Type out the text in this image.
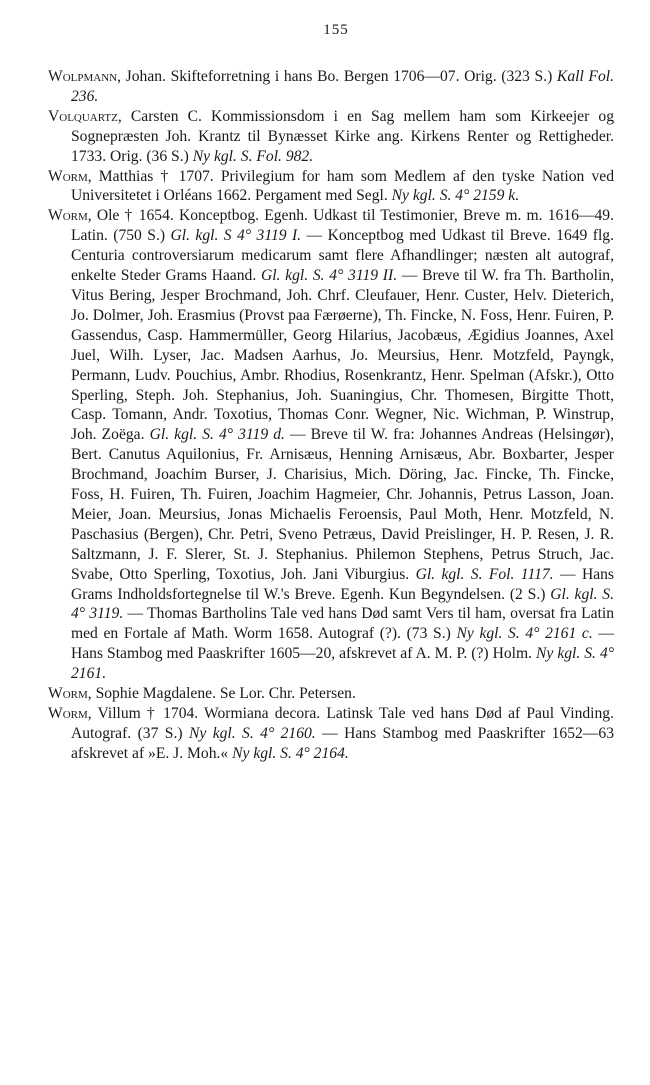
155

Wolpmann, Johan. Skifteforretning i hans Bo. Bergen 1706—07. Orig. (323 S.) Kall Fol. 236.

Volquartz, Carsten C. Kommissionsdom i en Sag mellem ham som Kirkeejer og Sognepræsten Joh. Krantz til Bynæsset Kirke ang. Kirkens Renter og Rettigheder. 1733. Orig. (36 S.) Ny kgl. S. Fol. 982.

Worm, Matthias † 1707. Privilegium for ham som Medlem af den tyske Nation ved Universitetet i Orléans 1662. Pergament med Segl. Ny kgl. S. 4° 2159 k.

Worm, Ole † 1654. Konceptbog. Egenh. Udkast til Testimonier, Breve m. m. 1616—49. Latin. (750 S.) Gl. kgl. S 4° 3119 I. — Konceptbog med Udkast til Breve. 1649 flg. Centuria controversiarum medicarum samt flere Afhandlinger; næsten alt autograf, enkelte Steder Grams Haand. Gl. kgl. S. 4° 3119 II. — Breve til W. fra Th. Bartholin, Vitus Bering, Jesper Brochmand, Joh. Chrf. Cleufauer, Henr. Custer, Helv. Dieterich, Jo. Dolmer, Joh. Erasmius (Provst paa Færøerne), Th. Fincke, N. Foss, Henr. Fuiren, P. Gassendus, Casp. Hammermüller, Georg Hilarius, Jacobæus, Ægidius Joannes, Axel Juel, Wilh. Lyser, Jac. Madsen Aarhus, Jo. Meursius, Henr. Motzfeld, Payngk, Permann, Ludv. Pouchius, Ambr. Rhodius, Rosenkrantz, Henr. Spelman (Afskr.), Otto Sperling, Steph. Joh. Stephanius, Joh. Suaningius, Chr. Thomesen, Birgitte Thott, Casp. Tomann, Andr. Toxotius, Thomas Conr. Wegner, Nic. Wichman, P. Winstrup, Joh. Zoëga. Gl. kgl. S. 4° 3119 d. — Breve til W. fra: Johannes Andreas (Helsingør), Bert. Canutus Aquilonius, Fr. Arnisæus, Henning Arnisæus, Abr. Boxbarter, Jesper Brochmand, Joachim Burser, J. Charisius, Mich. Döring, Jac. Fincke, Th. Fincke, Foss, H. Fuiren, Th. Fuiren, Joachim Hagmeier, Chr. Johannis, Petrus Lasson, Joan. Meier, Joan. Meursius, Jonas Michaelis Feroensis, Paul Moth, Henr. Motzfeld, N. Paschasius (Bergen), Chr. Petri, Sveno Petræus, David Preislinger, H. P. Resen, J. R. Saltzmann, J. F. Slerer, St. J. Stephanius. Philemon Stephens, Petrus Struch, Jac. Svabe, Otto Sperling, Toxotius, Joh. Jani Viburgius. Gl. kgl. S. Fol. 1117. — Hans Grams Indholdsfortegnelse til W.'s Breve. Egenh. Kun Begyndelsen. (2 S.) Gl. kgl. S. 4° 3119. — Thomas Bartholins Tale ved hans Død samt Vers til ham, oversat fra Latin med en Fortale af Math. Worm 1658. Autograf (?). (73 S.) Ny kgl. S. 4° 2161 c. — Hans Stambog med Paaskrifter 1605—20, afskrevet af A. M. P. (?) Holm. Ny kgl. S. 4° 2161.

Worm, Sophie Magdalene. Se Lor. Chr. Petersen.

Worm, Villum † 1704. Wormiana decora. Latinsk Tale ved hans Død af Paul Vinding. Autograf. (37 S.) Ny kgl. S. 4° 2160. — Hans Stambog med Paaskrifter 1652—63 afskrevet af »E. J. Moh.« Ny kgl. S. 4° 2164.
